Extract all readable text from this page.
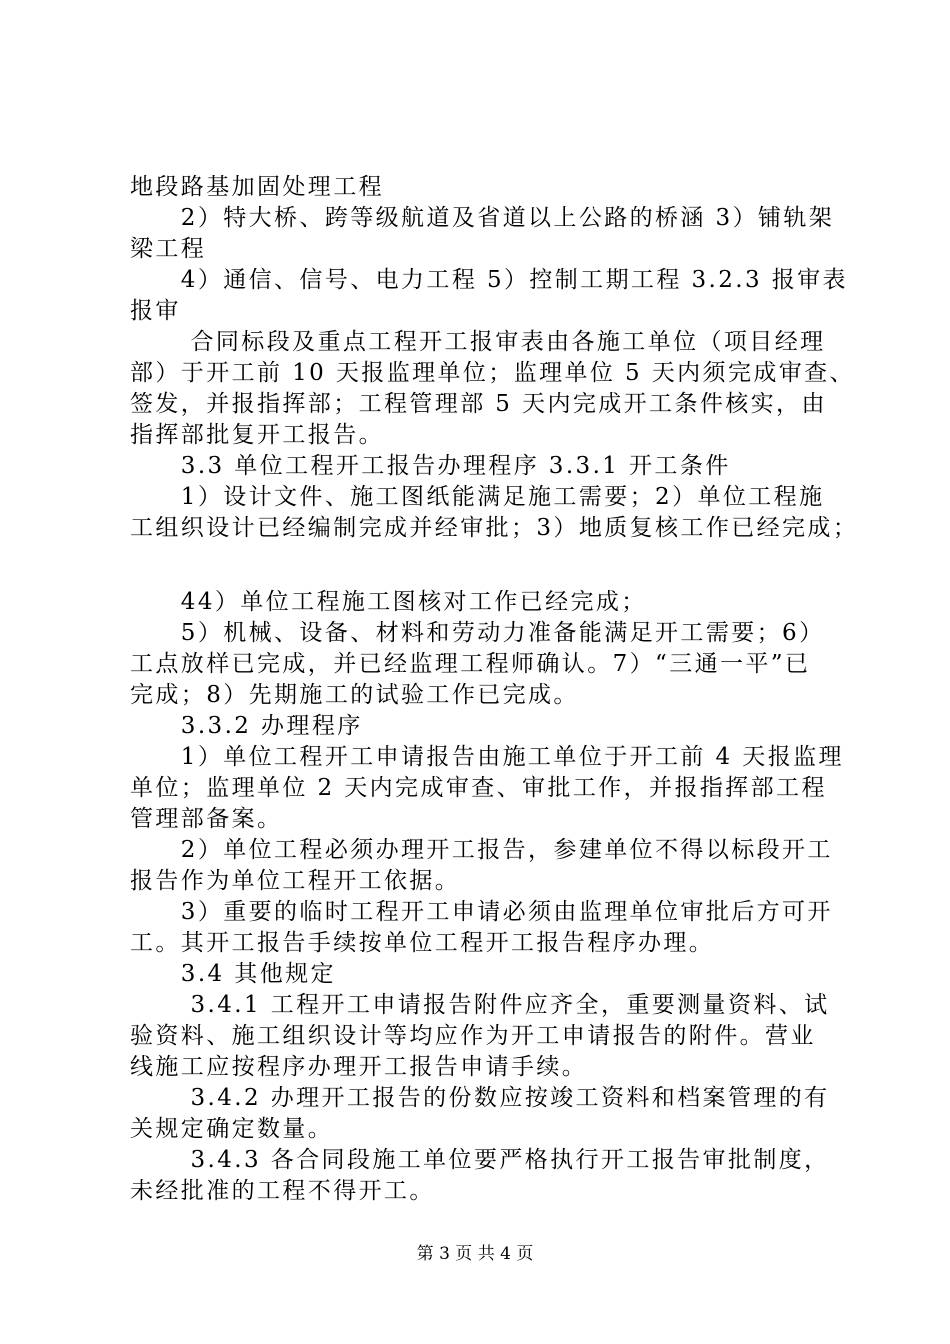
地段路基加固处理工程
　　2）特大桥、跨等级航道及省道以上公路的桥涵 3）铺轨架
梁工程
　　4）通信、信号、电力工程 5）控制工期工程 3.2.3 报审表
报审
　　 合同标段及重点工程开工报审表由各施工单位（项目经理
部）于开工前 10 天报监理单位；监理单位 5 天内须完成审查、
签发，并报指挥部；工程管理部 5 天内完成开工条件核实，由
指挥部批复开工报告。
　　3.3 单位工程开工报告办理程序 3.3.1 开工条件
　　1）设计文件、施工图纸能满足施工需要；2）单位工程施
工组织设计已经编制完成并经审批；3）地质复核工作已经完成；
　　44）单位工程施工图核对工作已经完成；
　　5）机械、设备、材料和劳动力准备能满足开工需要；6）
工点放样已完成，并已经监理工程师确认。7）“三通一平”已
完成；8）先期施工的试验工作已完成。
　　3.3.2 办理程序
　　1）单位工程开工申请报告由施工单位于开工前 4 天报监理
单位；监理单位 2 天内完成审查、审批工作，并报指挥部工程
管理部备案。
　　2）单位工程必须办理开工报告，参建单位不得以标段开工
报告作为单位工程开工依据。
　　3）重要的临时工程开工申请必须由监理单位审批后方可开
工。其开工报告手续按单位工程开工报告程序办理。
　　3.4 其他规定
　　 3.4.1 工程开工申请报告附件应齐全，重要测量资料、试
验资料、施工组织设计等均应作为开工申请报告的附件。营业
线施工应按程序办理开工报告申请手续。
　　 3.4.2 办理开工报告的份数应按竣工资料和档案管理的有
关规定确定数量。
　　 3.4.3 各合同段施工单位要严格执行开工报告审批制度，
未经批准的工程不得开工。
第 3 页 共 4 页
